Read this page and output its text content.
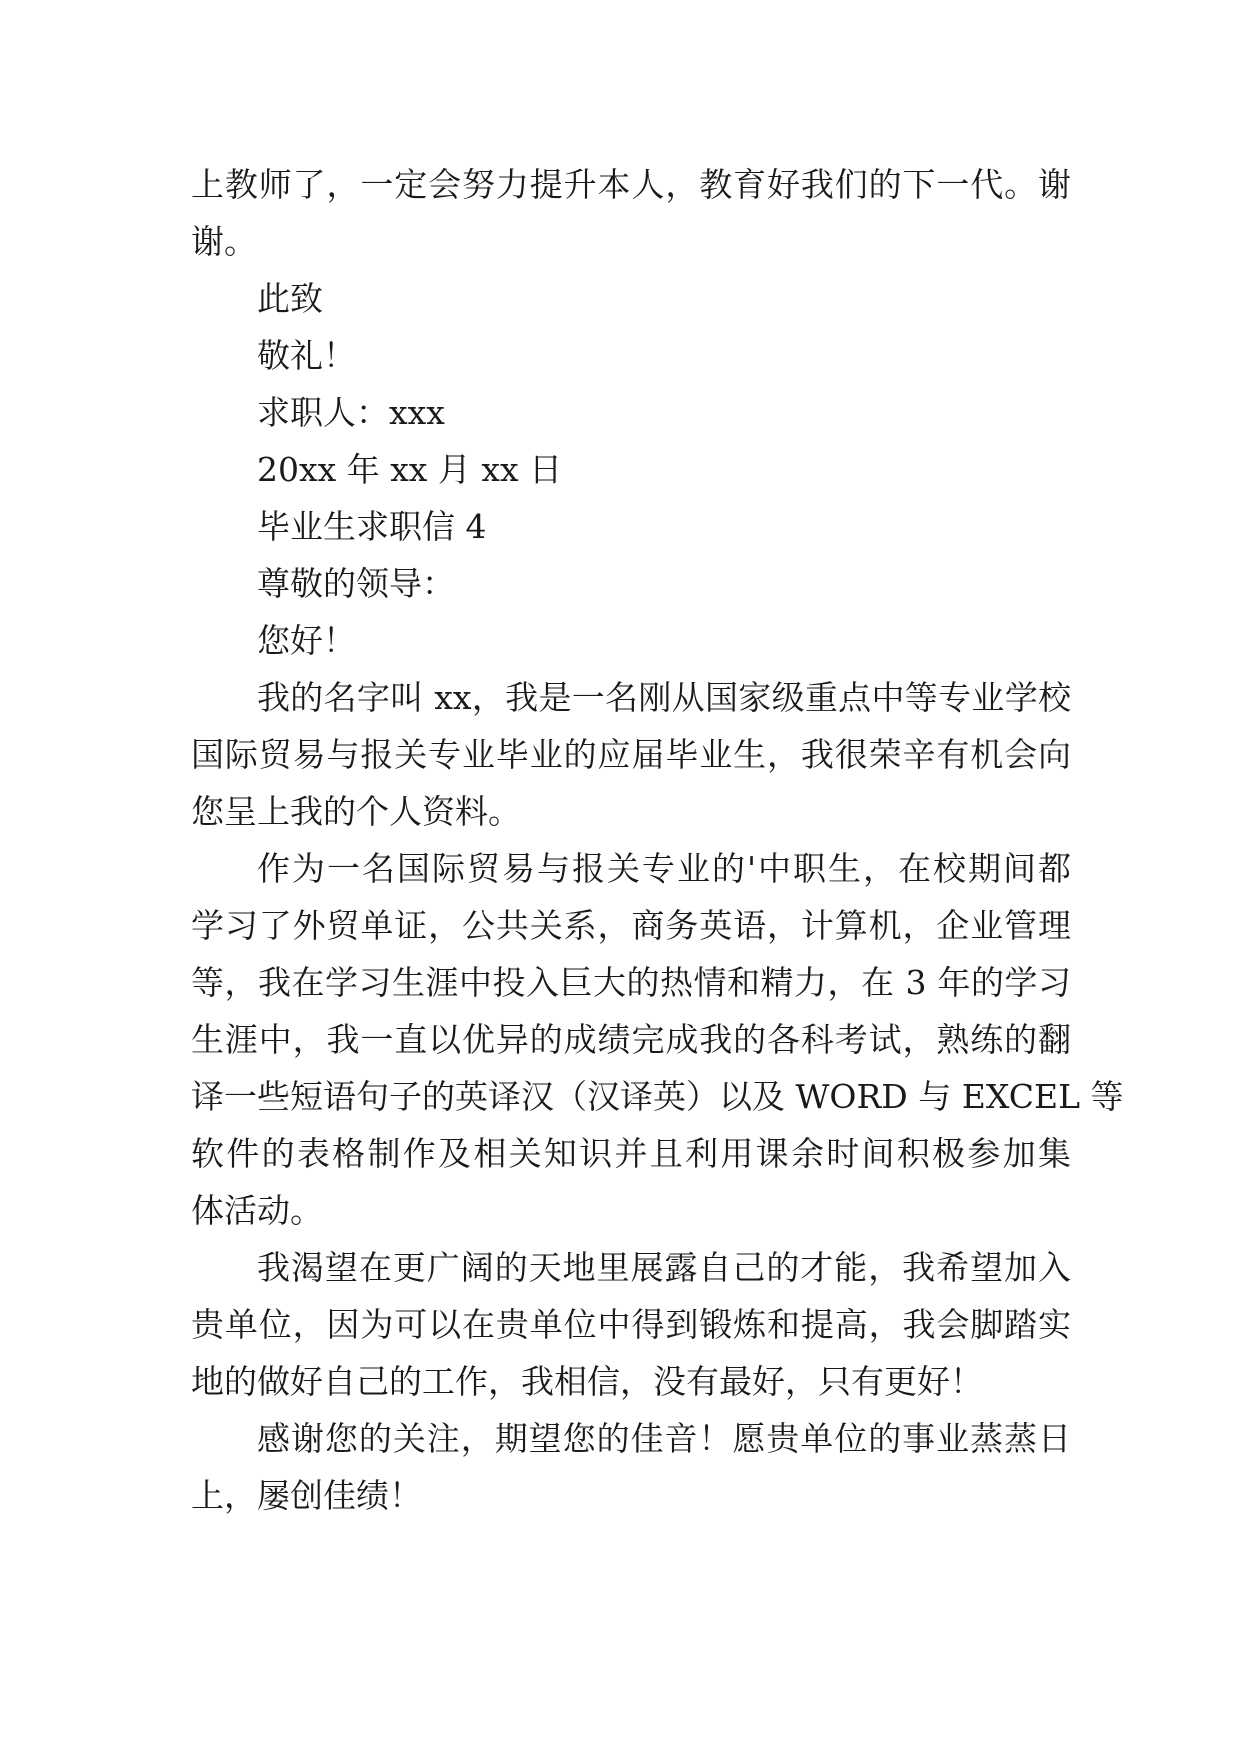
上教师了，一定会努力提升本人，教育好我们的下一代。谢

谢。

此致

敬礼！

求职人：xxx

20xx 年 xx 月 xx 日

毕业生求职信 4

尊敬的领导：

您好！

我的名字叫 xx，我是一名刚从国家级重点中等专业学校

国际贸易与报关专业毕业的应届毕业生，我很荣辛有机会向

您呈上我的个人资料。

作为一名国际贸易与报关专业的'中职生，在校期间都

学习了外贸单证，公共关系，商务英语，计算机，企业管理

等，我在学习生涯中投入巨大的热情和精力，在 3 年的学习

生涯中，我一直以优异的成绩完成我的各科考试，熟练的翻

译一些短语句子的英译汉（汉译英）以及 WORD 与 EXCEL 等

软件的表格制作及相关知识并且利用课余时间积极参加集

体活动。

我渴望在更广阔的天地里展露自己的才能，我希望加入

贵单位，因为可以在贵单位中得到锻炼和提高，我会脚踏实

地的做好自己的工作，我相信，没有最好，只有更好！

感谢您的关注，期望您的佳音！愿贵单位的事业蒸蒸日

上，屡创佳绩！
